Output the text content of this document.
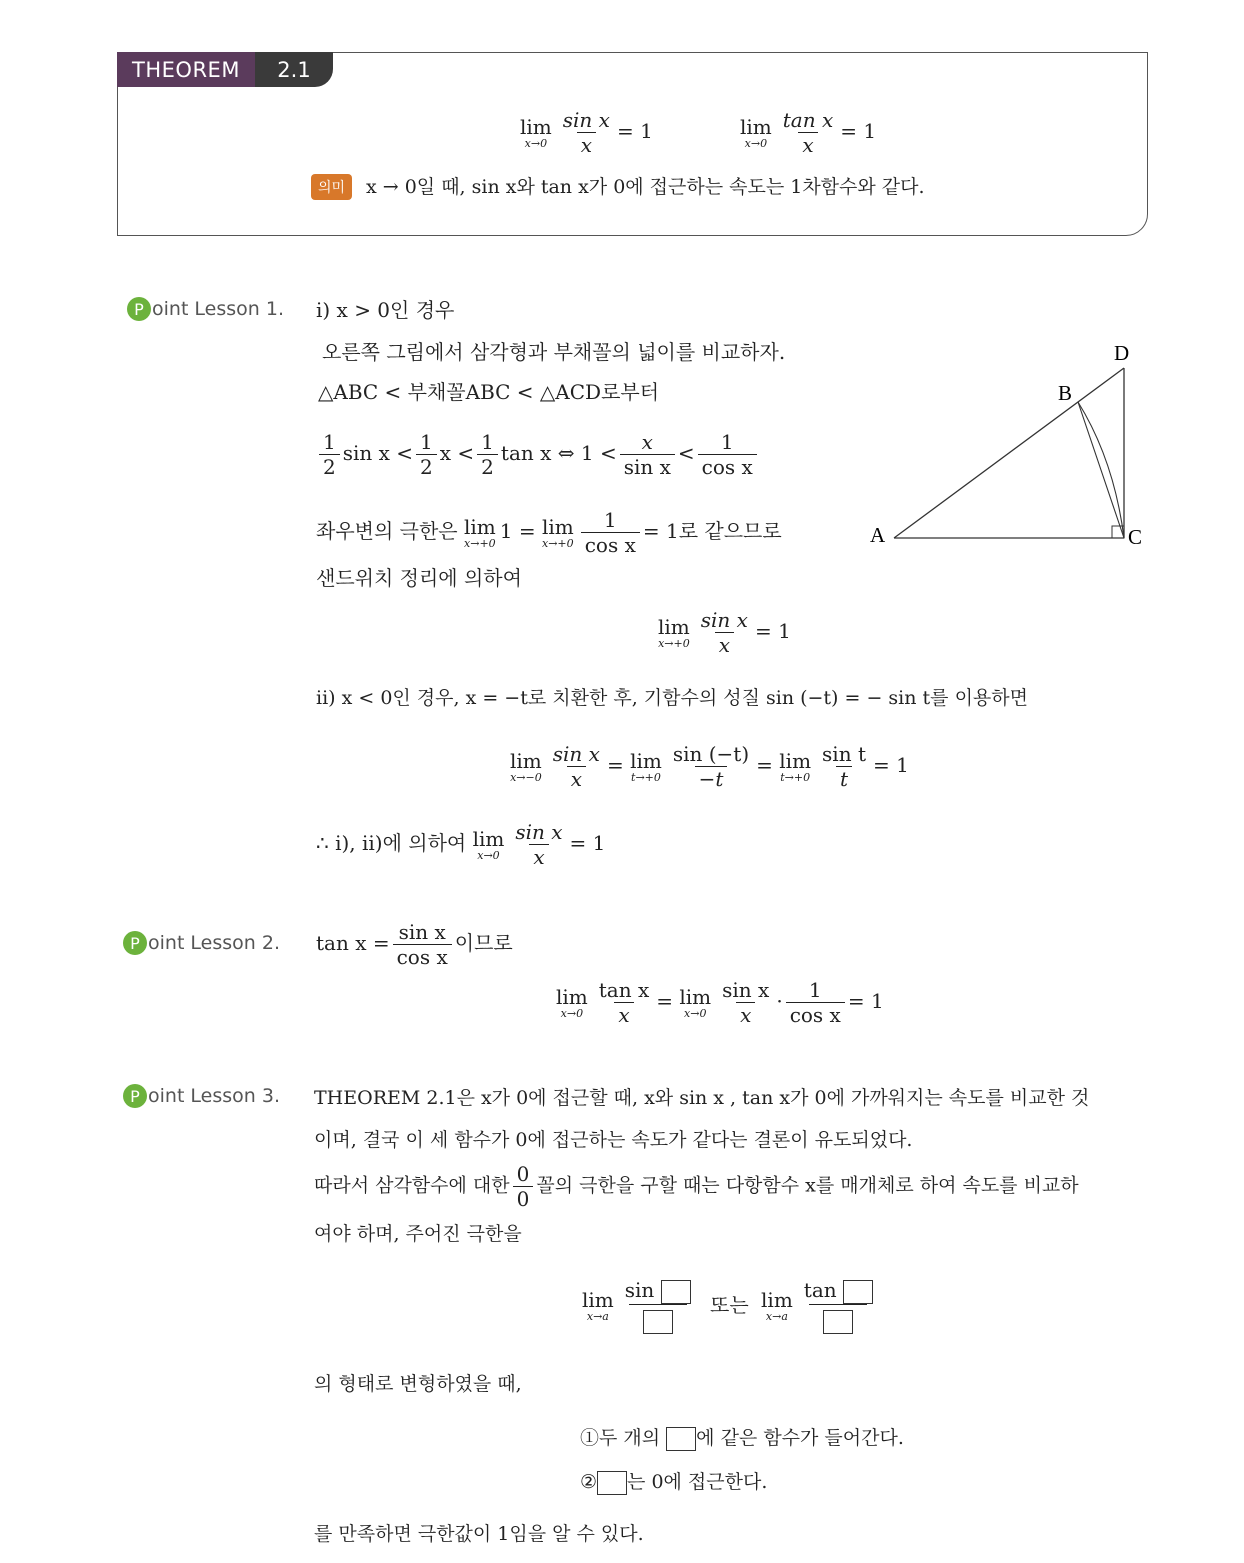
THEOREM	2.1
lim
$x\to 0 \frac{\text{sin x}}{x} = 1$	lim
$x\to 0 \frac{\text{tan x}}{x} = 1$
의미	x → 0일 때, sin x와 tan x가 0에 접근하는 속도는 1차함수와 같다.
P oint Lesson 1. i) x > 0인 경우
오른쪽 그림에서 삼각형과 부채꼴의 넓이를 비교하자.
△ABC < 부채꼴ABC < △ACD로부터
$\frac{1}{2}$ $\sin x < \frac{1}{2}$ $x < \frac{1}{2}$ tan x ⇔ $1 < \frac{x}{\text{sin x}} < \frac{1}{\text{cos x}}$
좌우변의 극한은 lim
x→+0 1 = lim
$x\to+0 \frac{1}{\text{cos x}} = 1$로 같으므로
샌드위치 정리에 의하여
lim
$x\to+0 \frac{\text{sin x}}{x} = 1$
ii) x < 0인 경우, x = −t로 치환한 후, 기함수의 성질 sin (−t) = − sin t를 이용하면
lim
$x\to-0 \frac{\text{sin x}}{x} = \lim$
$t\to+0 \frac{\sin (-t)}{-t} = \lim$
$t\to+0 \frac{\text{sin t}}{t} = 1$
∴ i), ii)에 의하여 lim
$x\to 0 \frac{\text{sin x}}{x} = 1$
A
B
C
D
P oint Lesson 2. $\tan x = \frac{\text{sin x}}{\text{cos x}}$ 이므로
lim
$x\to 0 \frac{\text{tan x}}{x} = \lim$
$x\to 0 \frac{\text{sin x}}{x} \cdot \frac{1}{\text{cos x}} = 1$
P oint Lesson 3. THEOREM 2.1은 x가 0에 접근할 때, x와 sin x , tan x가 0에 가까워지는 속도를 비교한 것
이며, 결국 이 세 함수가 0에 접근하는 속도가 같다는 결론이 유도되었다.
따라서 삼각함수에 대한 $\frac{0}{0}$ 꼴의 극한을 구할 때는 다항함수 x를 매개체로 하여 속도를 비교하
여야 하며, 주어진 극한을
lim
x→a
sin
또는 lim
x→a
tan
의 형태로 변형하였을 때,
①두 개의 에 같은 함수가 들어간다.
② 는 0에 접근한다.
를 만족하면 극한값이 1임을 알 수 있다.
